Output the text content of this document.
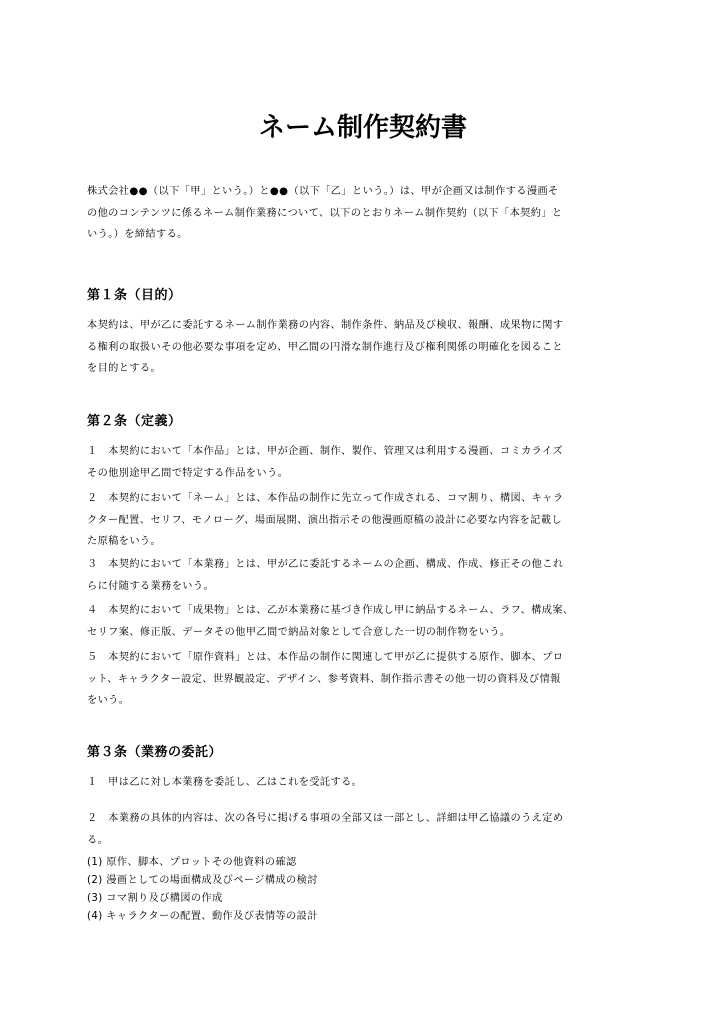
ネーム制作契約書

株式会社●●（以下「甲」という。）と●●（以下「乙」という。）は、甲が企画又は制作する漫画そ
の他のコンテンツに係るネーム制作業務について、以下のとおりネーム制作契約（以下「本契約」と
いう。）を締結する。

第１条（目的）

本契約は、甲が乙に委託するネーム制作業務の内容、制作条件、納品及び検収、報酬、成果物に関す
る権利の取扱いその他必要な事項を定め、甲乙間の円滑な制作進行及び権利関係の明確化を図ること
を目的とする。

第２条（定義）

１　本契約において「本作品」とは、甲が企画、制作、製作、管理又は利用する漫画、コミカライズ
その他別途甲乙間で特定する作品をいう。

２　本契約において「ネーム」とは、本作品の制作に先立って作成される、コマ割り、構図、キャラ
クター配置、セリフ、モノローグ、場面展開、演出指示その他漫画原稿の設計に必要な内容を記載し
た原稿をいう。

３　本契約において「本業務」とは、甲が乙に委託するネームの企画、構成、作成、修正その他これ
らに付随する業務をいう。

４　本契約において「成果物」とは、乙が本業務に基づき作成し甲に納品するネーム、ラフ、構成案、
セリフ案、修正版、データその他甲乙間で納品対象として合意した一切の制作物をいう。

５　本契約において「原作資料」とは、本作品の制作に関連して甲が乙に提供する原作、脚本、プロ
ット、キャラクター設定、世界観設定、デザイン、参考資料、制作指示書その他一切の資料及び情報
をいう。

第３条（業務の委託）

１　甲は乙に対し本業務を委託し、乙はこれを受託する。

２　本業務の具体的内容は、次の各号に掲げる事項の全部又は一部とし、詳細は甲乙協議のうえ定め
る。

(1) 原作、脚本、プロットその他資料の確認
(2) 漫画としての場面構成及びページ構成の検討
(3) コマ割り及び構図の作成
(4) キャラクターの配置、動作及び表情等の設計
